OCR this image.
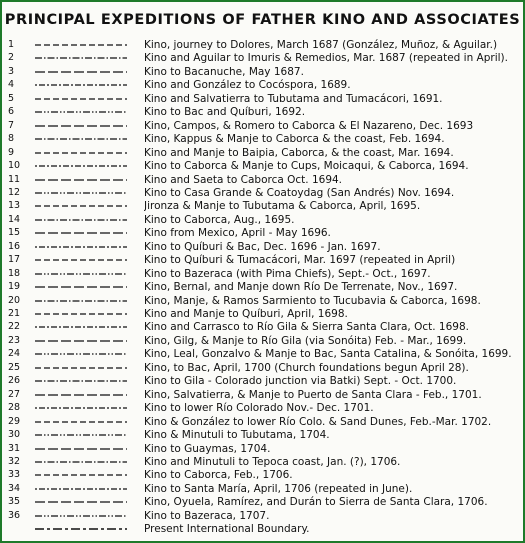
PRINCIPAL EXPEDITIONS OF FATHER KINO AND ASSOCIATES
1	Kino, journey to Dolores, March 1687 (González, Muñoz, & Aguilar.)
2	Kino and Aguilar to Imuris & Remedios, Mar. 1687 (repeated in April).
3	Kino to Bacanuche, May 1687.
4	Kino and González to Cocóspora, 1689.
5	Kino and Salvatierra to Tubutama and Tumacácori, 1691.
6	Kino to Bac and Quíburi, 1692.
7	Kino, Campos, & Romero to Caborca & El Nazareno, Dec. 1693
8	Kino, Kappus & Manje to Caborca & the coast, Feb. 1694.
9	Kino and Manje to Baipia, Caborca, & the coast, Mar. 1694.
10	Kino to Caborca & Manje to Cups, Moicaqui, & Caborca, 1694.
11	Kino and Saeta to Caborca Oct. 1694.
12	Kino to Casa Grande & Coatoydag (San Andrés) Nov. 1694.
13	Jironza & Manje to Tubutama & Caborca, April, 1695.
14	Kino to Caborca, Aug., 1695.
15	Kino from Mexico, April - May 1696.
16	Kino to Quíburi & Bac, Dec. 1696 - Jan. 1697.
17	Kino to Quíburi & Tumacácori, Mar. 1697 (repeated in April)
18	Kino to Bazeraca (with Pima Chiefs), Sept.- Oct., 1697.
19	Kino, Bernal, and Manje down Río De Terrenate, Nov., 1697.
20	Kino, Manje, & Ramos Sarmiento to Tucubavia & Caborca, 1698.
21	Kino and Manje to Quíburi, April, 1698.
22	Kino and Carrasco to Río Gila & Sierra Santa Clara, Oct. 1698.
23	Kino, Gilg, & Manje to Río Gila (via Sonóita) Feb. - Mar., 1699.
24	Kino, Leal, Gonzalvo & Manje to Bac, Santa Catalina, & Sonóita, 1699.
25	Kino, to Bac, April, 1700 (Church foundations begun April 28).
26	Kino to Gila - Colorado junction via Batki) Sept. - Oct. 1700.
27	Kino, Salvatierra, & Manje to Puerto de Santa Clara - Feb., 1701.
28	Kino to lower Río Colorado Nov.- Dec. 1701.
29	Kino & González to lower Río Colo. & Sand Dunes, Feb.-Mar. 1702.
30	Kino & Minutuli to Tubutama, 1704.
31	Kino to Guaymas, 1704.
32	Kino and Minutuli to Tepoca coast, Jan. (?), 1706.
33	Kino to Caborca, Feb., 1706.
34	Kino to Santa María, April, 1706 (repeated in June).
35	Kino, Oyuela, Ramírez, and Durán to Sierra de Santa Clara, 1706.
36	Kino to Bazeraca, 1707.
Present International Boundary.
